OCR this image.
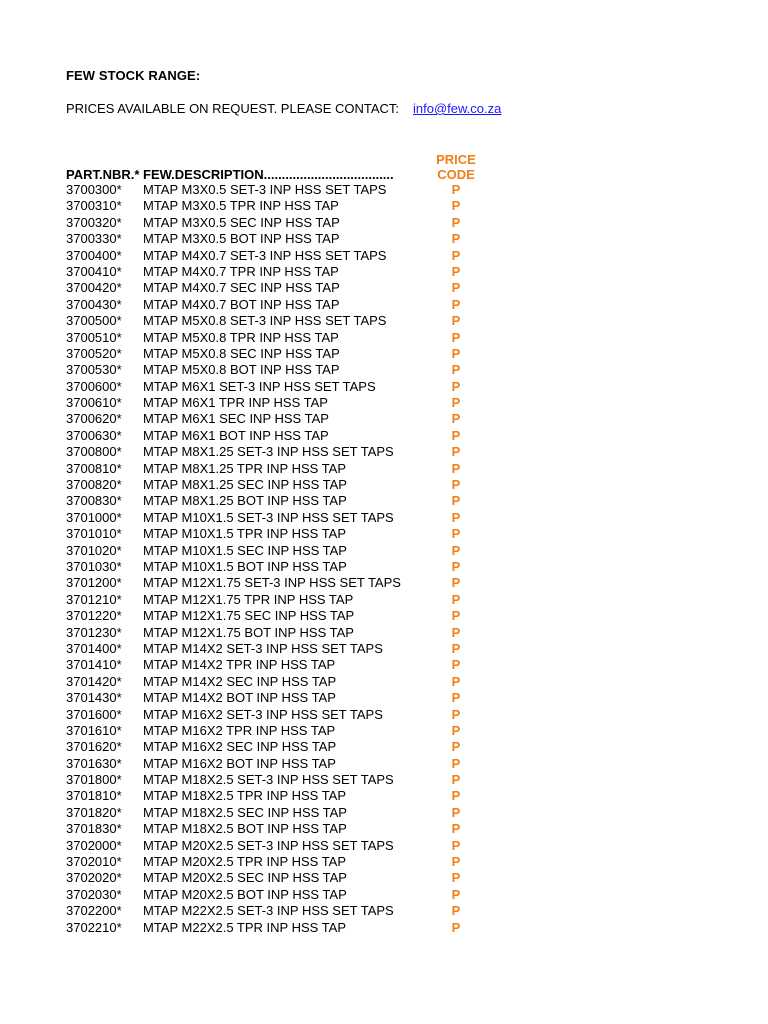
FEW STOCK RANGE:
PRICES AVAILABLE ON REQUEST. PLEASE CONTACT: info@few.co.za
PRICE
CODE
PART.NBR.* FEW.DESCRIPTION....................................
3700300* MTAP M3X0.5 SET-3 INP HSS SET TAPS	P
3700310* MTAP M3X0.5 TPR INP HSS TAP	P
3700320* MTAP M3X0.5 SEC INP HSS TAP	P
3700330* MTAP M3X0.5 BOT INP HSS TAP	P
3700400* MTAP M4X0.7 SET-3 INP HSS SET TAPS	P
3700410* MTAP M4X0.7 TPR INP HSS TAP	P
3700420* MTAP M4X0.7 SEC INP HSS TAP	P
3700430* MTAP M4X0.7 BOT INP HSS TAP	P
3700500* MTAP M5X0.8 SET-3 INP HSS SET TAPS	P
3700510* MTAP M5X0.8 TPR INP HSS TAP	P
3700520* MTAP M5X0.8 SEC INP HSS TAP	P
3700530* MTAP M5X0.8 BOT INP HSS TAP	P
3700600* MTAP M6X1 SET-3 INP HSS SET TAPS	P
3700610* MTAP M6X1 TPR INP HSS TAP	P
3700620* MTAP M6X1 SEC INP HSS TAP	P
3700630* MTAP M6X1 BOT INP HSS TAP	P
3700800* MTAP M8X1.25 SET-3 INP HSS SET TAPS	P
3700810* MTAP M8X1.25 TPR INP HSS TAP	P
3700820* MTAP M8X1.25 SEC INP HSS TAP	P
3700830* MTAP M8X1.25 BOT INP HSS TAP	P
3701000* MTAP M10X1.5 SET-3 INP HSS SET TAPS	P
3701010* MTAP M10X1.5 TPR INP HSS TAP	P
3701020* MTAP M10X1.5 SEC INP HSS TAP	P
3701030* MTAP M10X1.5 BOT INP HSS TAP	P
3701200* MTAP M12X1.75 SET-3 INP HSS SET TAPS	P
3701210* MTAP M12X1.75 TPR INP HSS TAP	P
3701220* MTAP M12X1.75 SEC INP HSS TAP	P
3701230* MTAP M12X1.75 BOT INP HSS TAP	P
3701400* MTAP M14X2 SET-3 INP HSS SET TAPS	P
3701410* MTAP M14X2 TPR INP HSS TAP	P
3701420* MTAP M14X2 SEC INP HSS TAP	P
3701430* MTAP M14X2 BOT INP HSS TAP	P
3701600* MTAP M16X2 SET-3 INP HSS SET TAPS	P
3701610* MTAP M16X2 TPR INP HSS TAP	P
3701620* MTAP M16X2 SEC INP HSS TAP	P
3701630* MTAP M16X2 BOT INP HSS TAP	P
3701800* MTAP M18X2.5 SET-3 INP HSS SET TAPS	P
3701810* MTAP M18X2.5 TPR INP HSS TAP	P
3701820* MTAP M18X2.5 SEC INP HSS TAP	P
3701830* MTAP M18X2.5 BOT INP HSS TAP	P
3702000* MTAP M20X2.5 SET-3 INP HSS SET TAPS	P
3702010* MTAP M20X2.5 TPR INP HSS TAP	P
3702020* MTAP M20X2.5 SEC INP HSS TAP	P
3702030* MTAP M20X2.5 BOT INP HSS TAP	P
3702200* MTAP M22X2.5 SET-3 INP HSS SET TAPS	P
3702210* MTAP M22X2.5 TPR INP HSS TAP	P
